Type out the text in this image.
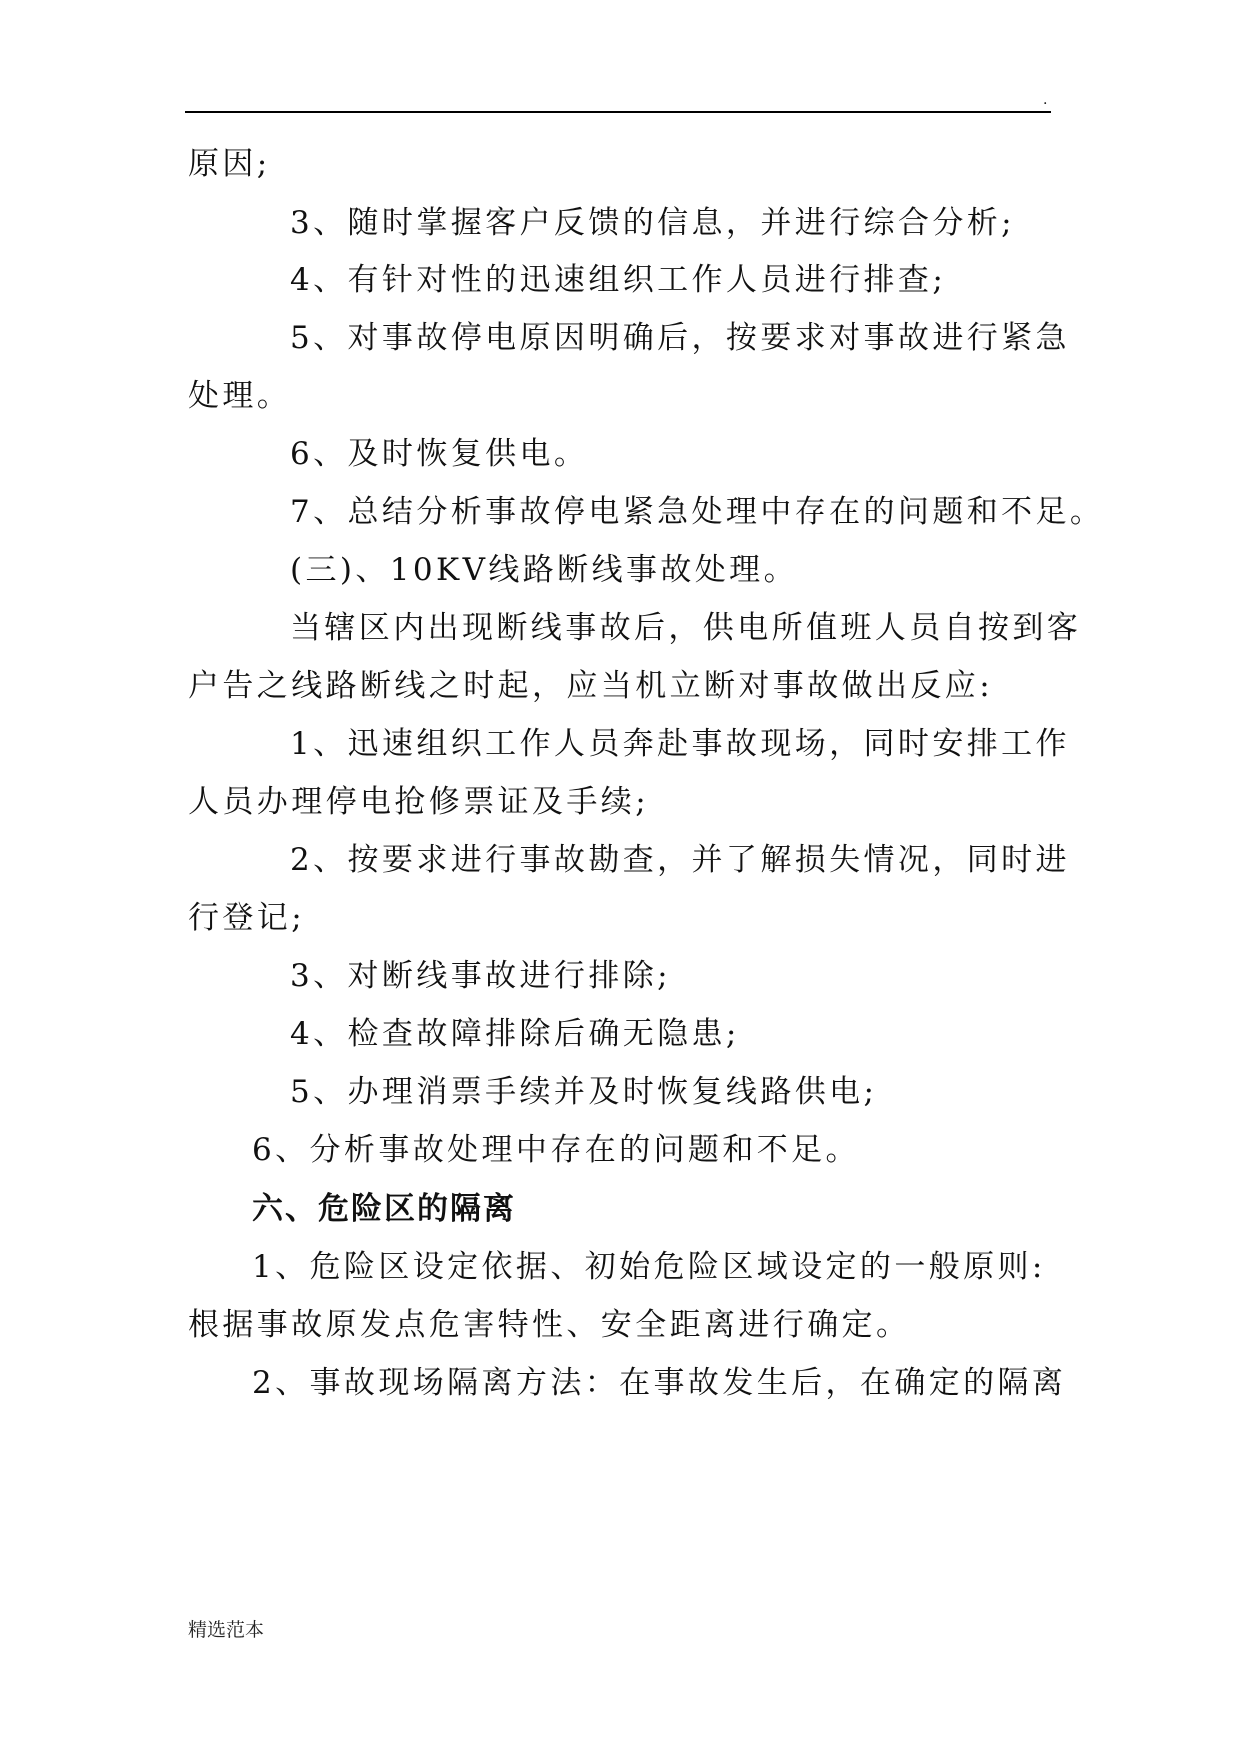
.
原因;
3、随时掌握客户反馈的信息，并进行综合分析;
4、有针对性的迅速组织工作人员进行排查;
5、对事故停电原因明确后，按要求对事故进行紧急
处理。
6、及时恢复供电。
7、总结分析事故停电紧急处理中存在的问题和不足。
(三)、10KV线路断线事故处理。
当辖区内出现断线事故后，供电所值班人员自按到客
户告之线路断线之时起，应当机立断对事故做出反应:
1、迅速组织工作人员奔赴事故现场，同时安排工作
人员办理停电抢修票证及手续;
2、按要求进行事故勘查，并了解损失情况，同时进
行登记;
3、对断线事故进行排除;
4、检查故障排除后确无隐患;
5、办理消票手续并及时恢复线路供电;
6、分析事故处理中存在的问题和不足。
六、危险区的隔离
1、危险区设定依据、初始危险区域设定的一般原则:
根据事故原发点危害特性、安全距离进行确定。
2、事故现场隔离方法：在事故发生后，在确定的隔离
精选范本
